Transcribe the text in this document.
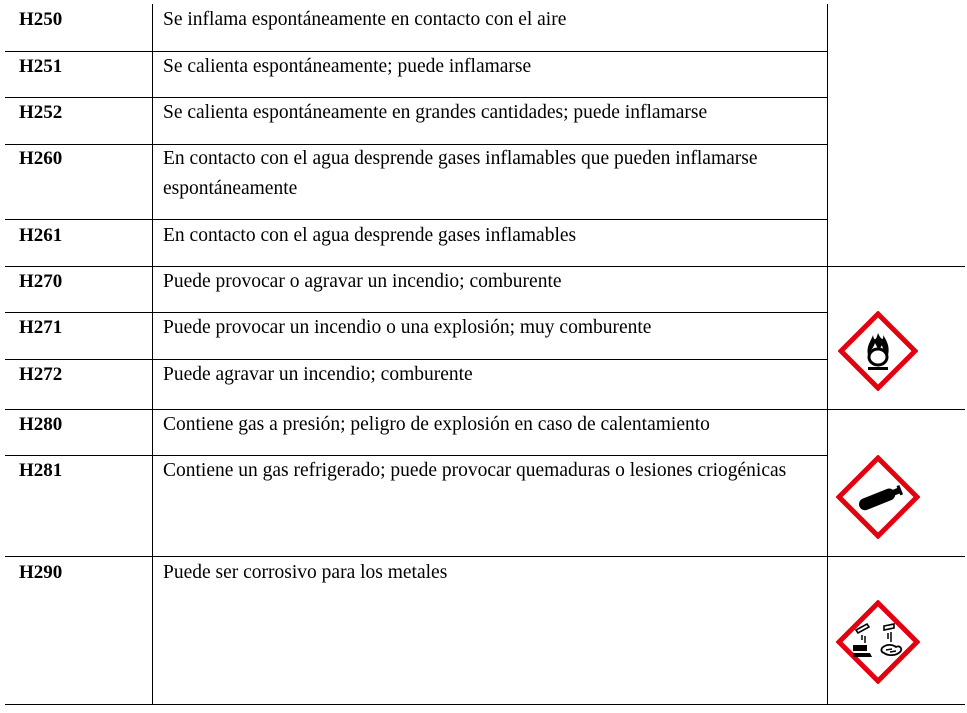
H250	Se inflama espontáneamente en contacto con el aire
H251	Se calienta espontáneamente; puede inflamarse
H252	Se calienta espontáneamente en grandes cantidades; puede inflamarse
H260	En contacto con el agua desprende gases inflamables que pueden inflamarse espontáneamente
H261	En contacto con el agua desprende gases inflamables
H270	Puede provocar o agravar un incendio; comburente
H271	Puede provocar un incendio o una explosión; muy comburente
H272	Puede agravar un incendio; comburente
H280	Contiene gas a presión; peligro de explosión en caso de calentamiento
H281	Contiene un gas refrigerado; puede provocar quemaduras o lesiones criogénicas
H290	Puede ser corrosivo para los metales
